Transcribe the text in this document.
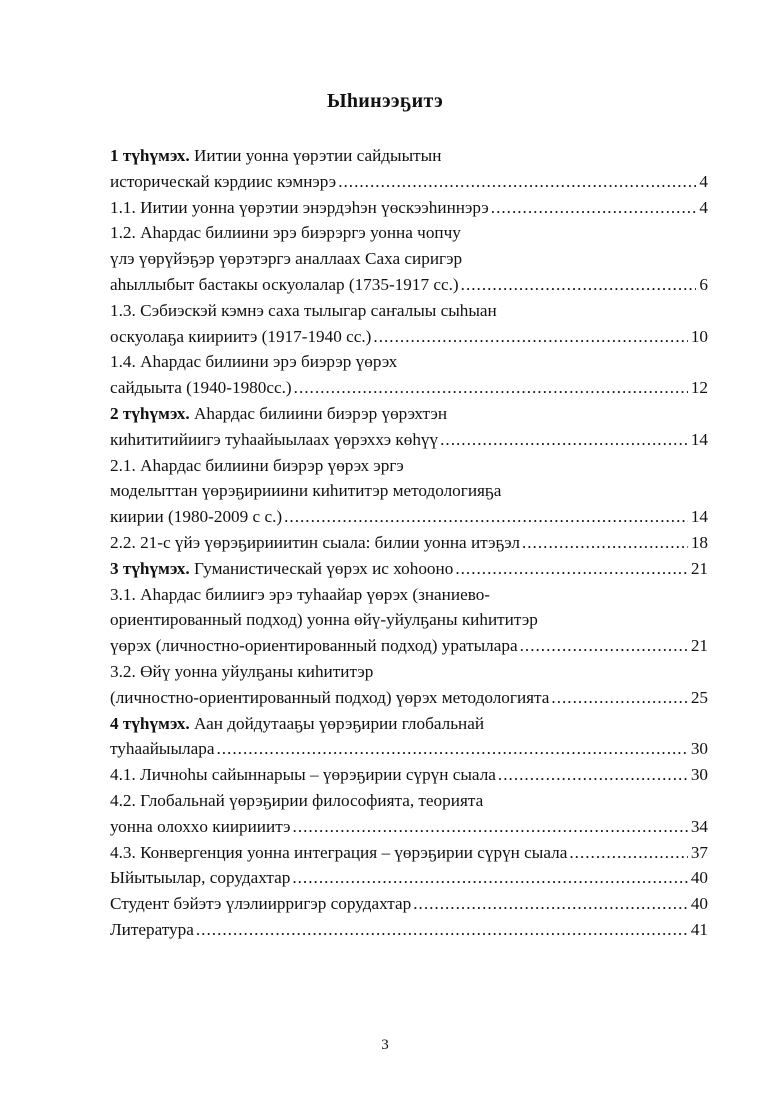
Ыһинээҕитэ
1 түһүмэх. Иитии уонна үөрэтии сайдыытын
историческай кэрдиис кэмнэрэ .....	4
1.1. Иитии уонна үөрэтии энэрдэһэн үөскээһиннэрэ .....	4
1.2. Аһардас билиини эрэ биэрэргэ уонна чопчу
үлэ үөрүйэҕэр үөрэтэргэ аналлаах Саха сиригэр
аһыллыбыт бастакы оскуолалар (1735-1917 сс.) .....	6
1.3. Сэбиэскэй кэмнэ саха тылыгар саҥалыы сыһыан
оскуолаҕа киириитэ (1917-1940 сс.) .....	10
1.4. Аһардас билиини эрэ биэрэр үөрэх
сайдыыта (1940-1980сс.) .....	12
2 түһүмэх. Аһардас билиини биэрэр үөрэхтэн
киһититийиигэ туһаайыылаах үөрэххэ көһүү .....	14
2.1. Аһардас билиини биэрэр үөрэх эргэ
моделыттан үөрэҕирииини киһититэр методологияҕа
киирии (1980-2009 с с.) .....	14
2.2. 21-с үйэ үөрэҕирииитин сыала: билии уонна итэҕэл .....	18
3 түһүмэх. Гуманистическай үөрэх ис хоһооно .....	21
3.1. Аһардас билиигэ эрэ туһаайар үөрэх (знаниево-
ориентированный подход) уонна өйү-уйулҕаны киһититэр
үөрэх (личностно-ориентированный подход) уратылара .....	21
3.2. Өйү уонна уйулҕаны киһититэр
(личностно-ориентированный подход) үөрэх методологията .....	25
4 түһүмэх. Аан дойдутааҕы үөрэҕирии глобальнай
туһаайыылара .....	30
4.1. Личноһы сайыннарыы – үөрэҕирии сүрүн сыала .....	30
4.2. Глобальнай үөрэҕирии философията, теорията
уонна олохxо киирииитэ .....	34
4.3. Конвергенция уонна интеграция – үөрэҕирии сүрүн сыала .....	37
Ыйытыылар, сорудахтар .....	40
Студент бэйэтэ үлэлиирригэр сорудахтар .....	40
Литература .....	41
3
